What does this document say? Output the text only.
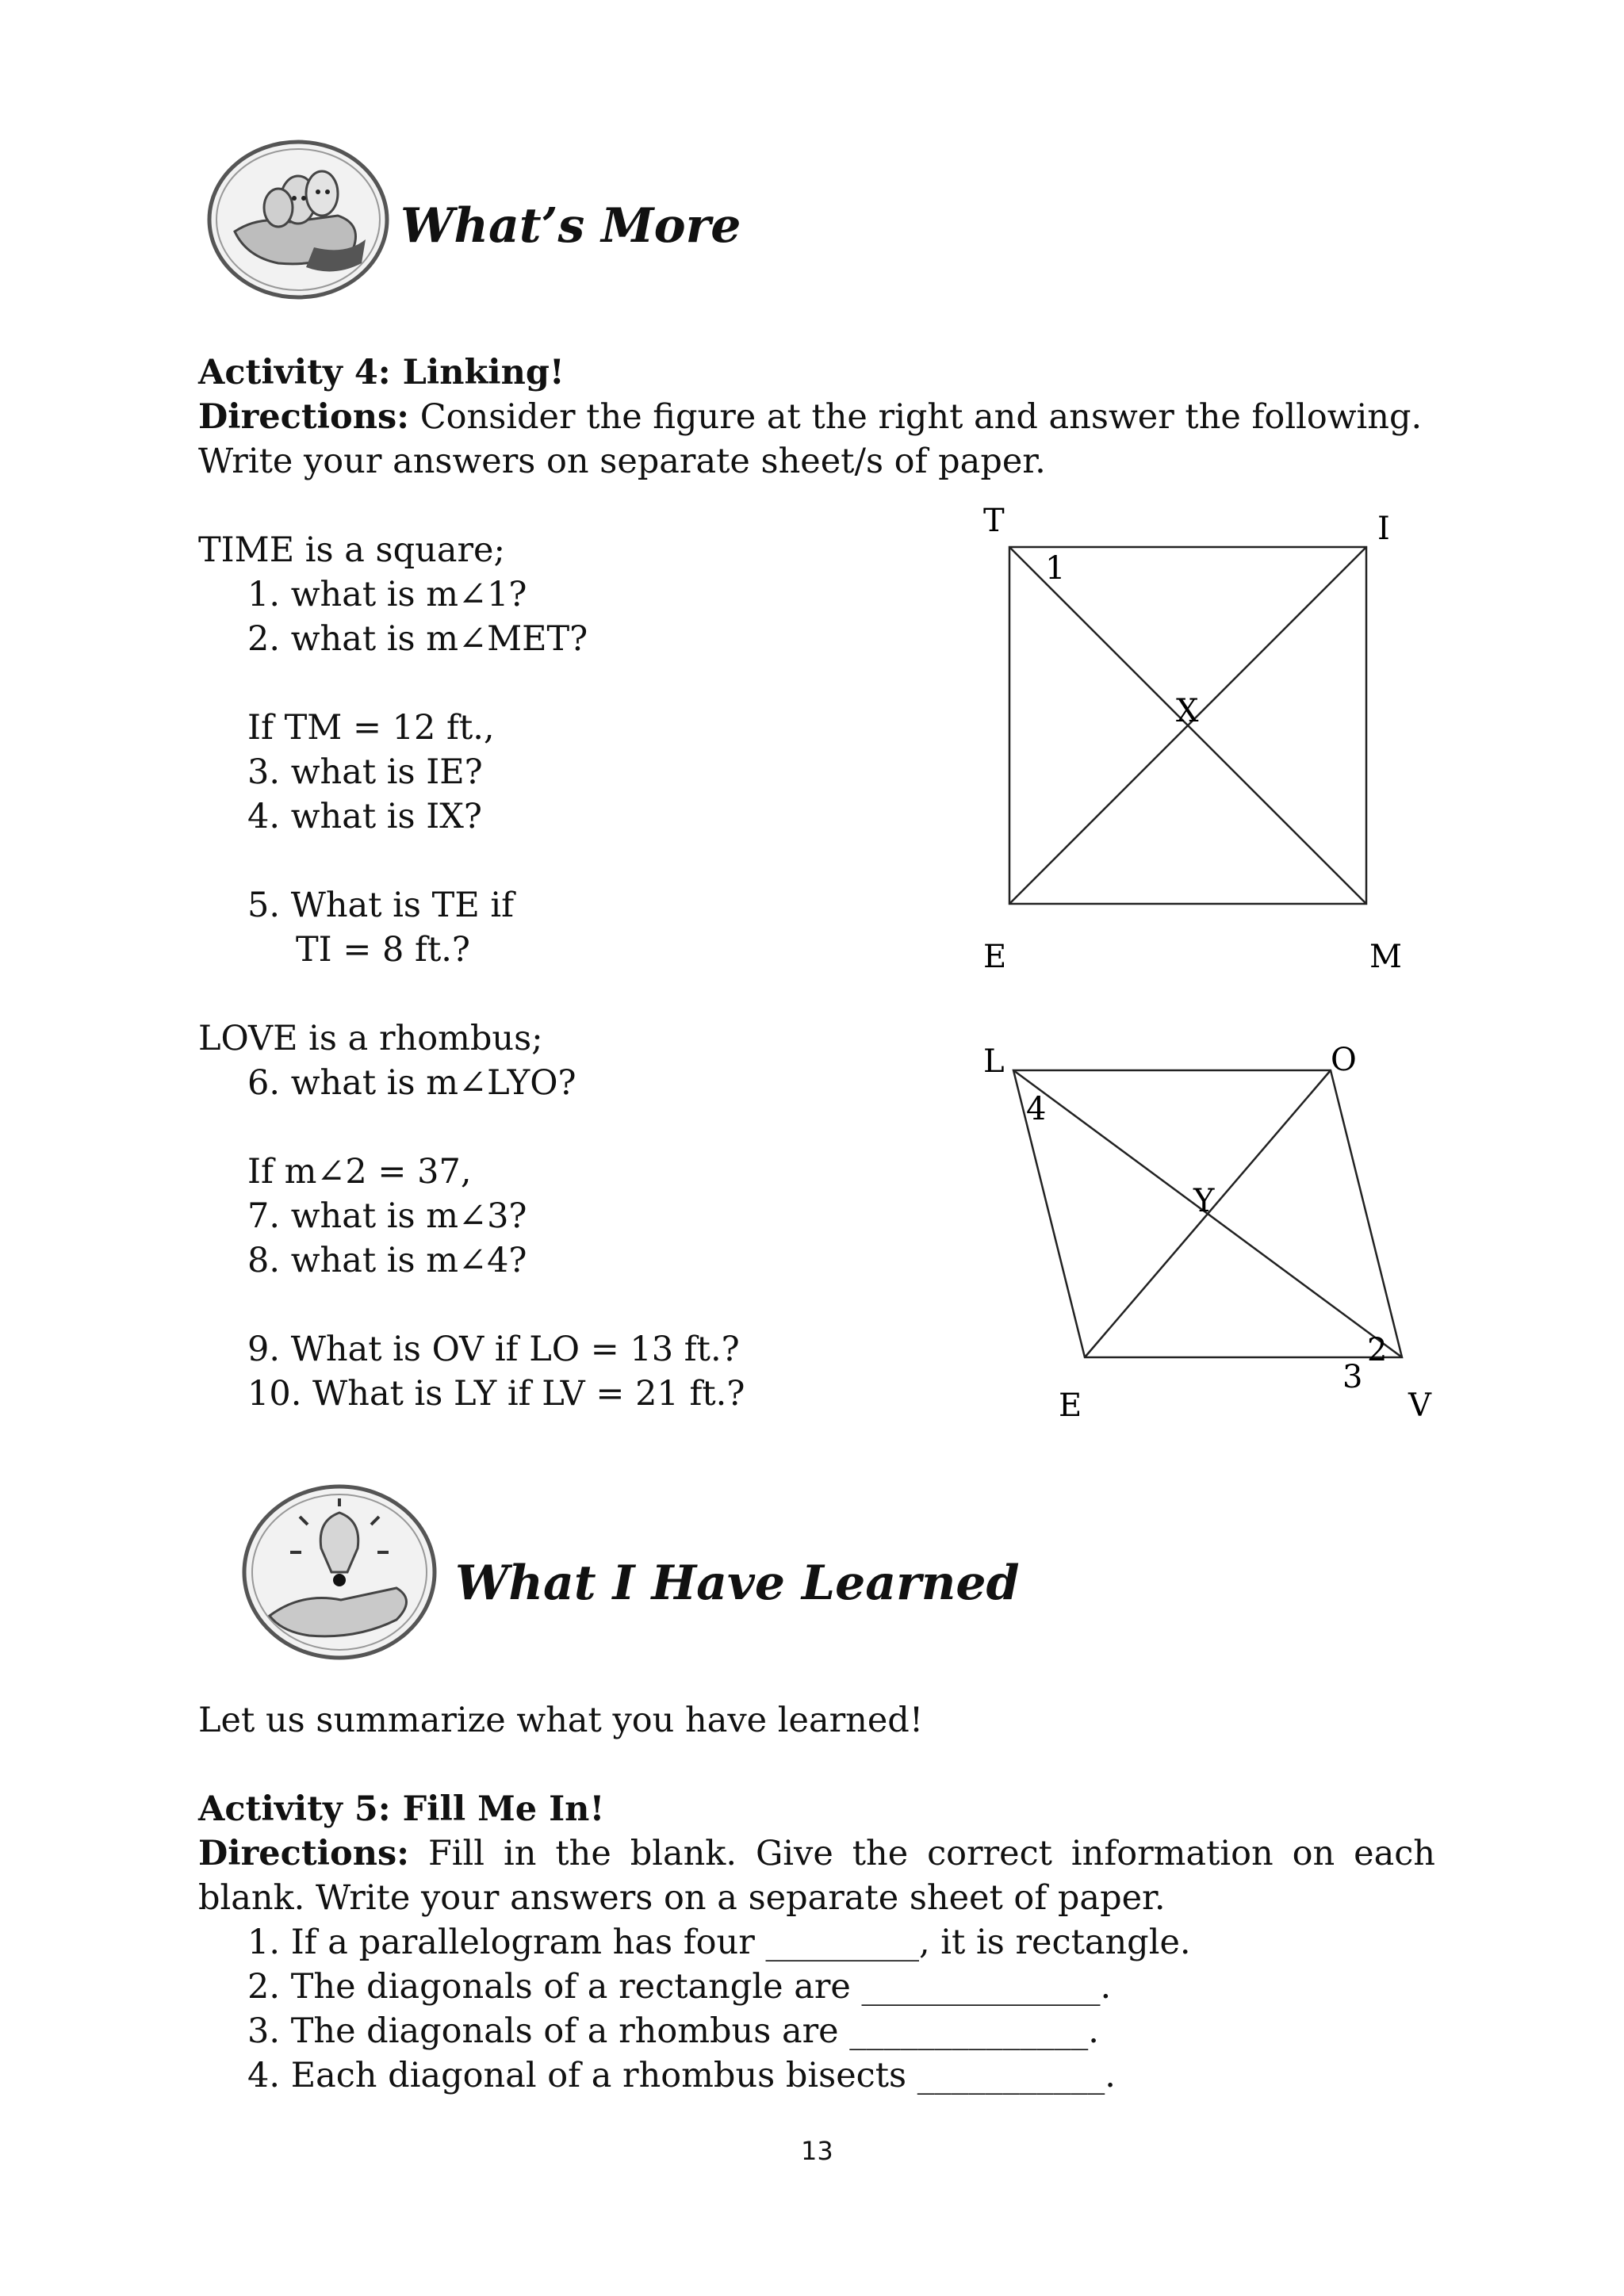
What’s More
Activity 4: Linking!
Directions: Consider the figure at the right and answer the following.
Write your answers on separate sheet/s of paper.
TIME is a square;
1. what is m∠1?
2. what is m∠MET?
If TM = 12 ft.,
3. what is IE?
4. what is IX?
5. What is TE if
TI = 8 ft.?
LOVE is a rhombus;
6. what is m∠LYO?
If m∠2 = 37,
7. what is m∠3?
8. what is m∠4?
9. What is OV if LO = 13 ft.?
10. What is LY if LV = 21 ft.?
T	I
1
X
E	M
L	O
4
Y
2
3
E	V
What I Have Learned
Let us summarize what you have learned!
Activity 5: Fill Me In!
Directions: Fill in the blank. Give the correct information on each
blank. Write your answers on a separate sheet of paper.
1. If a parallelogram has four _________, it is rectangle.
2. The diagonals of a rectangle are ______________.
3. The diagonals of a rhombus are ______________.
4. Each diagonal of a rhombus bisects ___________.
13
